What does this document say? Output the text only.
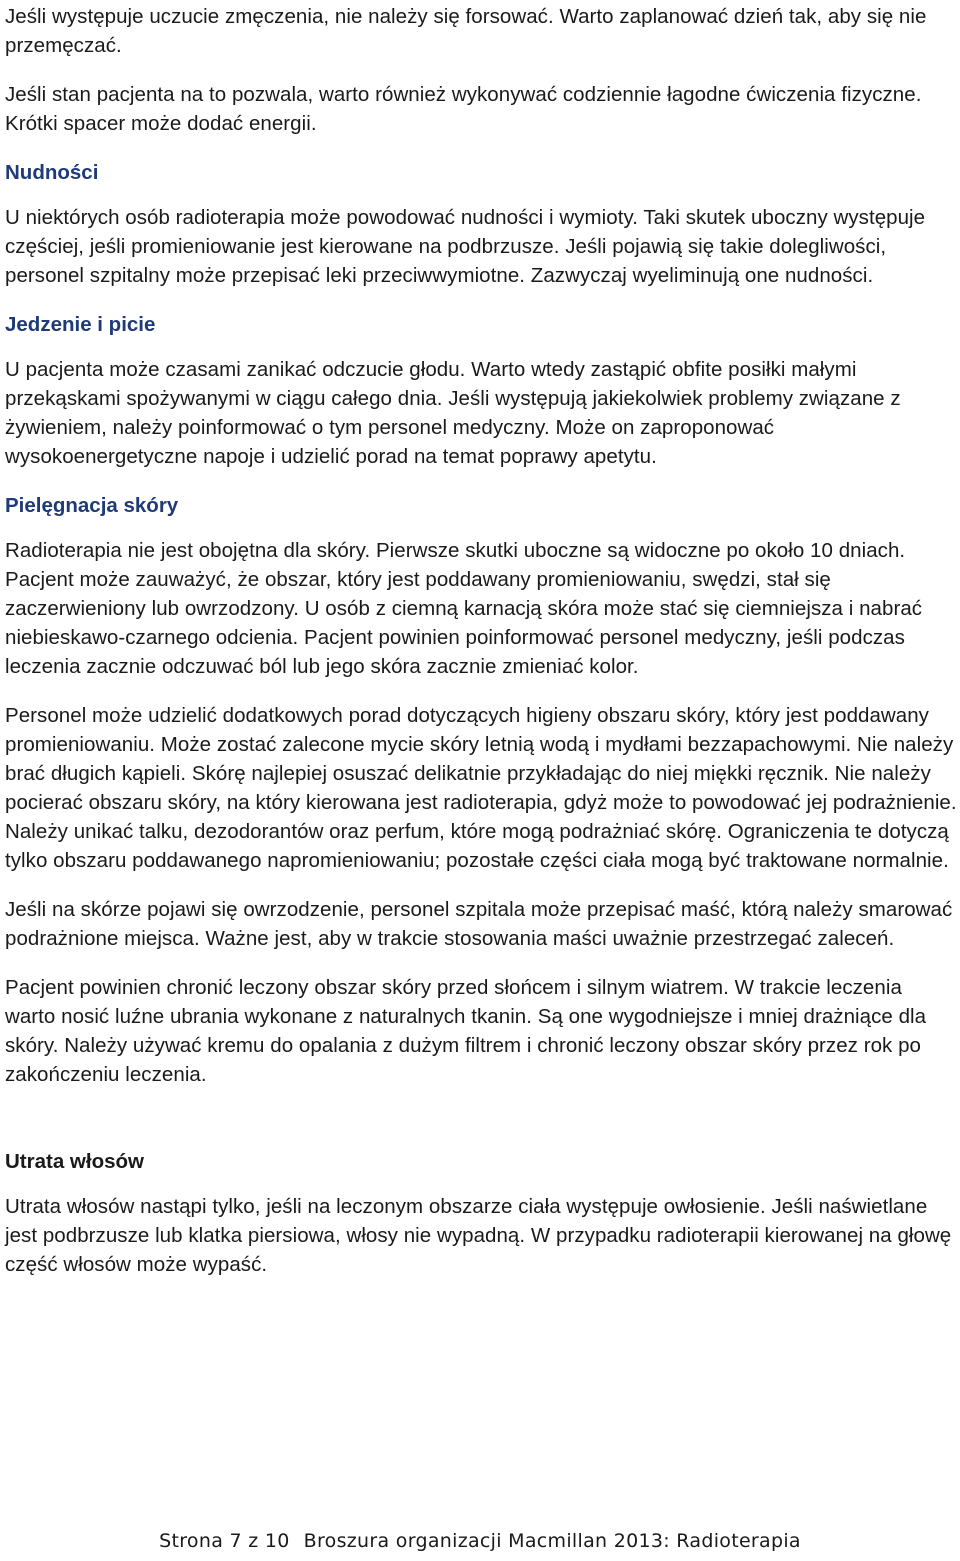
Jeśli występuje uczucie zmęczenia, nie należy się forsować. Warto zaplanować dzień tak, aby się nie przemęczać.

Jeśli stan pacjenta na to pozwala, warto również wykonywać codziennie łagodne ćwiczenia fizyczne. Krótki spacer może dodać energii.

Nudności

U niektórych osób radioterapia może powodować nudności i wymioty. Taki skutek uboczny występuje częściej, jeśli promieniowanie jest kierowane na podbrzusze. Jeśli pojawią się takie dolegliwości, personel szpitalny może przepisać leki przeciwwymiotne. Zazwyczaj wyeliminują one nudności.

Jedzenie i picie

U pacjenta może czasami zanikać odczucie głodu. Warto wtedy zastąpić obfite posiłki małymi przekąskami spożywanymi w ciągu całego dnia. Jeśli występują jakiekolwiek problemy związane z żywieniem, należy poinformować o tym personel medyczny. Może on zaproponować wysokoenergetyczne napoje i udzielić porad na temat poprawy apetytu.

Pielęgnacja skóry

Radioterapia nie jest obojętna dla skóry. Pierwsze skutki uboczne są widoczne po około 10 dniach. Pacjent może zauważyć, że obszar, który jest poddawany promieniowaniu, swędzi, stał się zaczerwieniony lub owrzodzony. U osób z ciemną karnacją skóra może stać się ciemniejsza i nabrać niebieskawo-czarnego odcienia. Pacjent powinien poinformować personel medyczny, jeśli podczas leczenia zacznie odczuwać ból lub jego skóra zacznie zmieniać kolor.

Personel może udzielić dodatkowych porad dotyczących higieny obszaru skóry, który jest poddawany promieniowaniu. Może zostać zalecone mycie skóry letnią wodą i mydłami bezzapachowymi. Nie należy brać długich kąpieli. Skórę najlepiej osuszać delikatnie przykładając do niej miękki ręcznik. Nie należy pocierać obszaru skóry, na który kierowana jest radioterapia, gdyż może to powodować jej podrażnienie. Należy unikać talku, dezodorantów oraz perfum, które mogą podrażniać skórę. Ograniczenia te dotyczą tylko obszaru poddawanego napromieniowaniu; pozostałe części ciała mogą być traktowane normalnie.

Jeśli na skórze pojawi się owrzodzenie, personel szpitala może przepisać maść, którą należy smarować podrażnione miejsca. Ważne jest, aby w trakcie stosowania maści uważnie przestrzegać zaleceń.

Pacjent powinien chronić leczony obszar skóry przed słońcem i silnym wiatrem. W trakcie leczenia warto nosić luźne ubrania wykonane z naturalnych tkanin. Są one wygodniejsze i mniej drażniące dla skóry. Należy używać kremu do opalania z dużym filtrem i chronić leczony obszar skóry przez rok po zakończeniu leczenia.

Utrata włosów

Utrata włosów nastąpi tylko, jeśli na leczonym obszarze ciała występuje owłosienie. Jeśli naświetlane jest podbrzusze lub klatka piersiowa, włosy nie wypadną. W przypadku radioterapii kierowanej na głowę część włosów może wypaść.

Strona 7 z 10 Broszura organizacji Macmillan 2013: Radioterapia
